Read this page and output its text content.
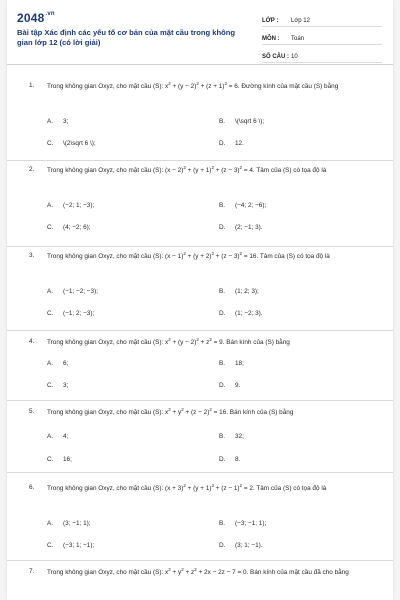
$2048^{.vn}$
Bài tập Xác định các yếu tố cơ bản của mặt cầu trong không gian lớp 12 (có lời giải)
LỚP : Lớp 12
MÔN : Toán
SỐ CÂU : 10
1. Trong không gian Oxyz, cho mặt cầu (S): $x^2 + (y - 2)^2 + (z + 1)^2 = 6$. Đường kính của mặt cầu (S) bằng
A. 3;	B. \(\sqrt 6 \);
C. \(2\sqrt 6 \);	D. 12.
2. Trong không gian Oxyz, cho mặt cầu (S): $(x - 2)^2 + (y + 1)^2 + (z - 3)^2 = 4$. Tâm của (S) có tọa độ là
A. (−2; 1; −3);	B. (−4; 2; −6);
C. (4; −2; 6);	D. (2; −1; 3).
3. Trong không gian Oxyz, cho mặt cầu (S): $(x - 1)^2 + (y + 2)^2 + (z - 3)^2 = 16$. Tâm của (S) có tọa độ là
A. (−1; −2; −3);	B. (1; 2; 3);
C. (−1; 2; −3);	D. (1; −2; 3).
4. Trong không gian Oxyz, cho mặt cầu (S): $x^2 + (y - 2)^2 + z^2 = 9$. Bán kính của (S) bằng
A. 6;	B. 18;
C. 3;	D. 9.
5. Trong không gian Oxyz, cho mặt cầu (S): $x^2 + y^2 + (z - 2)^2 = 16$. Bán kính của (S) bằng
A. 4;	B. 32;
C. 16;	D. 8.
6. Trong không gian Oxyz, cho mặt cầu (S): $(x + 3)^2 + (y + 1)^2 + (z - 1)^2 = 2$. Tâm của (S) có tọa độ là
A. (3; −1; 1);	B. (−3; −1; 1);
C. (−3; 1; −1);	D. (3; 1; −1).
7. Trong không gian Oxyz, cho mặt cầu (S): $x^2 + y^2 + z^2 + 2x - 2z - 7 = 0$. Bán kính của mặt cầu đã cho bằng
